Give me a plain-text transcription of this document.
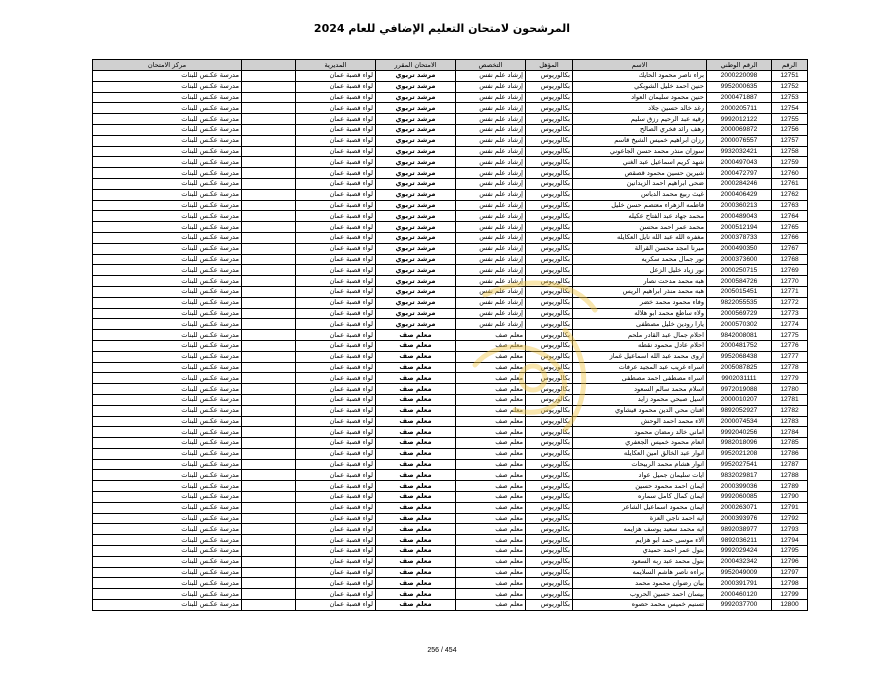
المرشحون لامتحان التعليم الإضافي للعام 2024
الرقم	الرقم الوطني	الاسم	المؤهل	التخصص	الامتحان المقرر	المديرية		مركز الامتحان
12751	2000220098	براء ناصر محمود الحايك	بكالوريوس	إرشاد علم نفس	مرشد تربوي	لواء قصبة عمان		مدرسة عكـس للبنات
12752	9952000635	حنين احمد خليل الشوبكي	بكالوريوس	إرشاد علم نفس	مرشد تربوي	لواء قصبة عمان		مدرسة عكـس للبنات
12753	2000471887	حنين محمود سليمان العواد	بكالوريوس	إرشاد علم نفس	مرشد تربوي	لواء قصبة عمان		مدرسة عكـس للبنات
12754	2000205711	رغد خالد حسين جلاد	بكالوريوس	إرشاد علم نفس	مرشد تربوي	لواء قصبة عمان		مدرسة عكـس للبنات
12755	9992012122	رقيه عبد الرحيم رزق سليم	بكالوريوس	إرشاد علم نفس	مرشد تربوي	لواء قصبة عمان		مدرسة عكـس للبنات
12756	2000069872	رهف رائد فخري الصالح	بكالوريوس	إرشاد علم نفس	مرشد تربوي	لواء قصبة عمان		مدرسة عكـس للبنات
12757	2000076557	رزان ابراهيم خميس الشيخ قاسم	بكالوريوس	إرشاد علم نفس	مرشد تربوي	لواء قصبة عمان		مدرسة عكـس للبنات
12758	9932032421	سوزان منذر محمد حسن الجاعوني	بكالوريوس	إرشاد علم نفس	مرشد تربوي	لواء قصبة عمان		مدرسة عكـس للبنات
12759	2000497043	شهد كريم اسماعيل عبد الغني	بكالوريوس	إرشاد علم نفس	مرشد تربوي	لواء قصبة عمان		مدرسة عكـس للبنات
12760	2000472797	شيرين حسين محمود قصقص	بكالوريوس	إرشاد علم نفس	مرشد تربوي	لواء قصبة عمان		مدرسة عكـس للبنات
12761	2000284246	ضحى ابراهيم احمد الزيدانين	بكالوريوس	إرشاد علم نفس	مرشد تربوي	لواء قصبة عمان		مدرسة عكـس للبنات
12762	2000406429	غيث ربيع محمد الدباس	بكالوريوس	إرشاد علم نفس	مرشد تربوي	لواء قصبة عمان		مدرسة عكـس للبنات
12763	2000360213	فاطمه الزهراء معتصم حسن خليل	بكالوريوس	إرشاد علم نفس	مرشد تربوي	لواء قصبة عمان		مدرسة عكـس للبنات
12764	2000489043	محمد جهاد عبد الفتاح عكيله	بكالوريوس	إرشاد علم نفس	مرشد تربوي	لواء قصبة عمان		مدرسة عكـس للبنات
12765	2000512194	محمد عمر احمد محسن	بكالوريوس	إرشاد علم نفس	مرشد تربوي	لواء قصبة عمان		مدرسة عكـس للبنات
12766	2000378733	مغفره الله عبد الله نايل العكايله	بكالوريوس	إرشاد علم نفس	مرشد تربوي	لواء قصبة عمان		مدرسة عكـس للبنات
12767	2000490350	ميرنا امجد محسن القرالة	بكالوريوس	إرشاد علم نفس	مرشد تربوي	لواء قصبة عمان		مدرسة عكـس للبنات
12768	2000373600	نور جمال محمد سكريه	بكالوريوس	إرشاد علم نفس	مرشد تربوي	لواء قصبة عمان		مدرسة عكـس للبنات
12769	2000250715	نور زياد خليل الزعل	بكالوريوس	إرشاد علم نفس	مرشد تربوي	لواء قصبة عمان		مدرسة عكـس للبنات
12770	2000584726	هبه محمد مدحت نصار	بكالوريوس	إرشاد علم نفس	مرشد تربوي	لواء قصبة عمان		مدرسة عكـس للبنات
12771	2005015451	هبه محمد منذر ابراهيم الريس	بكالوريوس	إرشاد علم نفس	مرشد تربوي	لواء قصبة عمان		مدرسة عكـس للبنات
12772	9822055535	وفاء محمود محمد خضر	بكالوريوس	إرشاد علم نفس	مرشد تربوي	لواء قصبة عمان		مدرسة عكـس للبنات
12773	2000569729	ولاء ساطع محمد ابو هلاله	بكالوريوس	إرشاد علم نفس	مرشد تربوي	لواء قصبة عمان		مدرسة عكـس للبنات
12774	2000570302	يارا رودين خليل مصطفى	بكالوريوس	إرشاد علم نفس	مرشد تربوي	لواء قصبة عمان		مدرسة عكـس للبنات
12775	9842008081	احلام جمال عبد القادر ملحم	بكالوريوس	معلم صف	معلم صف	لواء قصبة عمان		مدرسة عكـس للبنات
12776	2000481752	احلام عادل محمود نقطه	بكالوريوس	معلم صف	معلم صف	لواء قصبة عمان		مدرسة عكـس للبنات
12777	9952068438	اروى محمد عبد الله اسماعيل غماز	بكالوريوس	معلم صف	معلم صف	لواء قصبة عمان		مدرسة عكـس للبنات
12778	2005087825	اسراء غريب عبد المجيد عرفات	بكالوريوس	معلم صف	معلم صف	لواء قصبة عمان		مدرسة عكـس للبنات
12779	9902031111	اسراء مصطفى احمد مصطفى	بكالوريوس	معلم صف	معلم صف	لواء قصبة عمان		مدرسة عكـس للبنات
12780	9972019088	اسلام محمد سالم السعود	بكالوريوس	معلم صف	معلم صف	لواء قصبة عمان		مدرسة عكـس للبنات
12781	2000010207	اسيل صبحي محمود زايد	بكالوريوس	معلم صف	معلم صف	لواء قصبة عمان		مدرسة عكـس للبنات
12782	9892052927	افنان محي الدين محمود قيشاوي	بكالوريوس	معلم صف	معلم صف	لواء قصبة عمان		مدرسة عكـس للبنات
12783	2000074534	الاء محمد احمد الوحش	بكالوريوس	معلم صف	معلم صف	لواء قصبة عمان		مدرسة عكـس للبنات
12784	9992040256	اماني خالد رمضان محمود	بكالوريوس	معلم صف	معلم صف	لواء قصبة عمان		مدرسة عكـس للبنات
12785	9982018096	انعام محمود خميس الجعفري	بكالوريوس	معلم صف	معلم صف	لواء قصبة عمان		مدرسة عكـس للبنات
12786	9952021208	انوار عبد الخالق امين العكايله	بكالوريوس	معلم صف	معلم صف	لواء قصبة عمان		مدرسة عكـس للبنات
12787	9952027541	انوار هشام محمد الربيحات	بكالوريوس	معلم صف	معلم صف	لواء قصبة عمان		مدرسة عكـس للبنات
12788	9832029817	ايات سليمان جميل عواد	بكالوريوس	معلم صف	معلم صف	لواء قصبة عمان		مدرسة عكـس للبنات
12789	2000399036	ايمان احمد محمود حسين	بكالوريوس	معلم صف	معلم صف	لواء قصبة عمان		مدرسة عكـس للبنات
12790	9992060085	ايمان كمال كامل سماره	بكالوريوس	معلم صف	معلم صف	لواء قصبة عمان		مدرسة عكـس للبنات
12791	2000263071	ايمان محمود اسماعيل الشاعر	بكالوريوس	معلم صف	معلم صف	لواء قصبة عمان		مدرسة عكـس للبنات
12792	2000393976	ايه احمد ناجي العزة	بكالوريوس	معلم صف	معلم صف	لواء قصبة عمان		مدرسة عكـس للبنات
12793	9892038977	ايه محمد سعيد يوسف هزايمه	بكالوريوس	معلم صف	معلم صف	لواء قصبة عمان		مدرسة عكـس للبنات
12794	9892036211	آلاء موسى حمد ابو هزايم	بكالوريوس	معلم صف	معلم صف	لواء قصبة عمان		مدرسة عكـس للبنات
12795	9992029424	بتول عمر احمد حميدي	بكالوريوس	معلم صف	معلم صف	لواء قصبة عمان		مدرسة عكـس للبنات
12796	2000432342	بتول محمد عبد ربه السعود	بكالوريوس	معلم صف	معلم صف	لواء قصبة عمان		مدرسة عكـس للبنات
12797	9952049009	براءه ناصر هاشم السلايمه	بكالوريوس	معلم صف	معلم صف	لواء قصبة عمان		مدرسة عكـس للبنات
12798	2000391791	بيان رضوان محمود محمد	بكالوريوس	معلم صف	معلم صف	لواء قصبة عمان		مدرسة عكـس للبنات
12799	2000460120	بيسان احمد حسين الحروب	بكالوريوس	معلم صف	معلم صف	لواء قصبة عمان		مدرسة عكـس للبنات
12800	9992037700	تسنيم خميس محمد حصوه	بكالوريوس	معلم صف	معلم صف	لواء قصبة عمان		مدرسة عكـس للبنات
256 / 454
